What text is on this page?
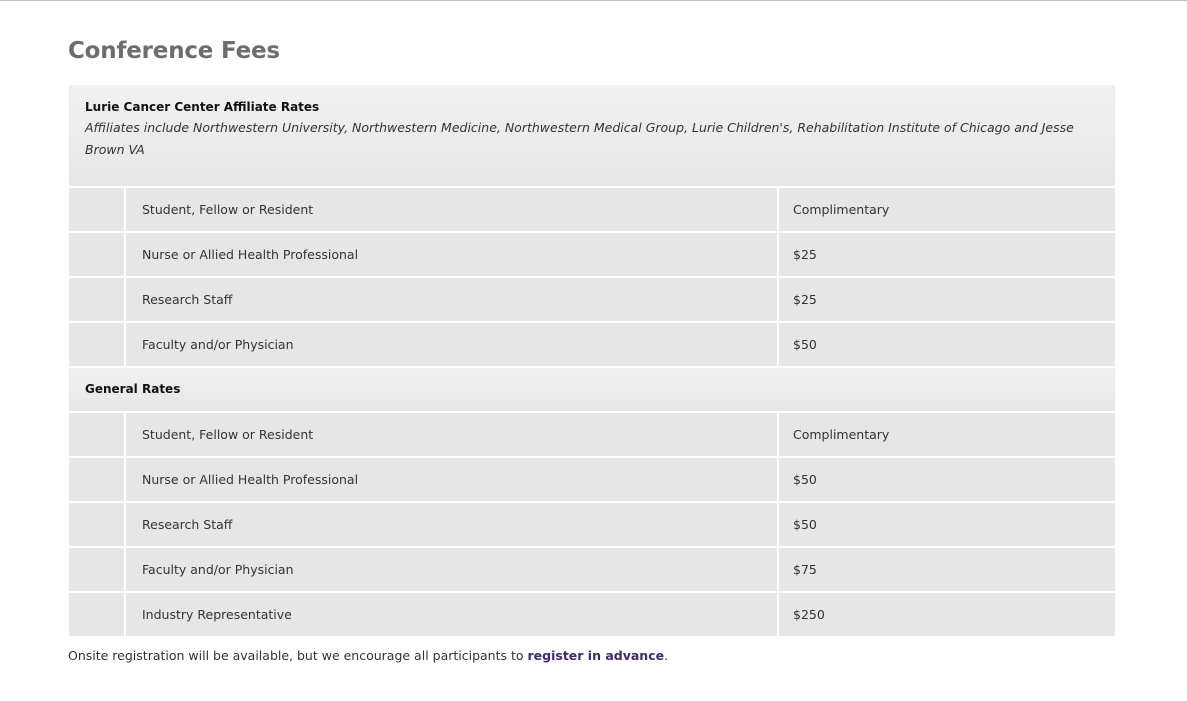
Conference Fees
Lurie Cancer Center Affiliate Rates
Affiliates include Northwestern University, Northwestern Medicine, Northwestern Medical Group, Lurie Children's, Rehabilitation Institute of Chicago and Jesse Brown VA		

	Student, Fellow or Resident	Complimentary
	Nurse or Allied Health Professional	$25
	Research Staff	$25
	Faculty and/or Physician	$50

General Rates		

	Student, Fellow or Resident	Complimentary
	Nurse or Allied Health Professional	$50
	Research Staff	$50
	Faculty and/or Physician	$75
	Industry Representative	$250

Onsite registration will be available, but we encourage all participants to register in advance.
